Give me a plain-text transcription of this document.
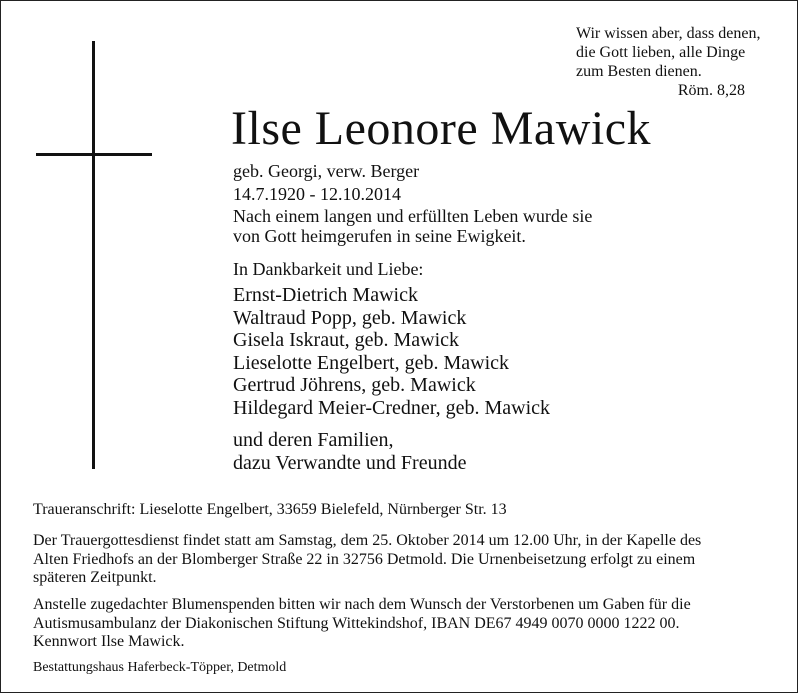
Wir wissen aber, dass denen,
die Gott lieben, alle Dinge
zum Besten dienen.
Röm. 8,28
Ilse Leonore Mawick
geb. Georgi, verw. Berger
14.7.1920 - 12.10.2014
Nach einem langen und erfüllten Leben wurde sie
von Gott heimgerufen in seine Ewigkeit.
In Dankbarkeit und Liebe:
Ernst-Dietrich Mawick
Waltraud Popp, geb. Mawick
Gisela Iskraut, geb. Mawick
Lieselotte Engelbert, geb. Mawick
Gertrud Jöhrens, geb. Mawick
Hildegard Meier-Credner, geb. Mawick
und deren Familien,
dazu Verwandte und Freunde
Traueranschrift: Lieselotte Engelbert, 33659 Bielefeld, Nürnberger Str. 13
Der Trauergottesdienst findet statt am Samstag, dem 25. Oktober 2014 um 12.00 Uhr, in der Kapelle des
Alten Friedhofs an der Blomberger Straße 22 in 32756 Detmold. Die Urnenbeisetzung erfolgt zu einem
späteren Zeitpunkt.
Anstelle zugedachter Blumenspenden bitten wir nach dem Wunsch der Verstorbenen um Gaben für die
Autismusambulanz der Diakonischen Stiftung Wittekindshof, IBAN DE67 4949 0070 0000 1222 00.
Kennwort Ilse Mawick.
Bestattungshaus Haferbeck-Töpper, Detmold
